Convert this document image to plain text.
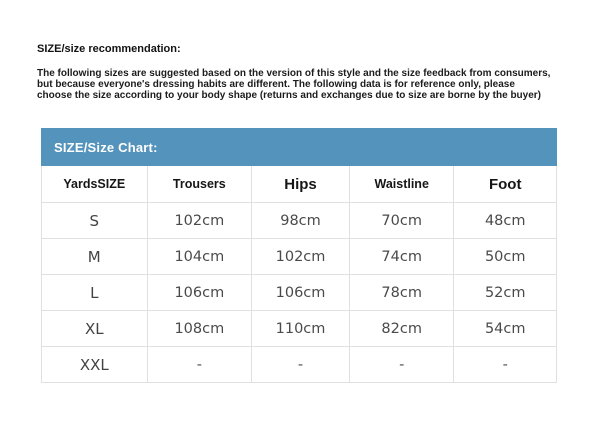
SIZE/size recommendation:
The following sizes are suggested based on the version of this style and the size feedback from consumers,
but because everyone's dressing habits are different. The following data is for reference only, please
choose the size according to your body shape (returns and exchanges due to size are borne by the buyer)
SIZE/Size Chart:
YardsSIZE	Trousers	Hips	Waistline	Foot
S	102cm	98cm	70cm	48cm
M	104cm	102cm	74cm	50cm
L	106cm	106cm	78cm	52cm
XL	108cm	110cm	82cm	54cm
XXL	-	-	-	-
